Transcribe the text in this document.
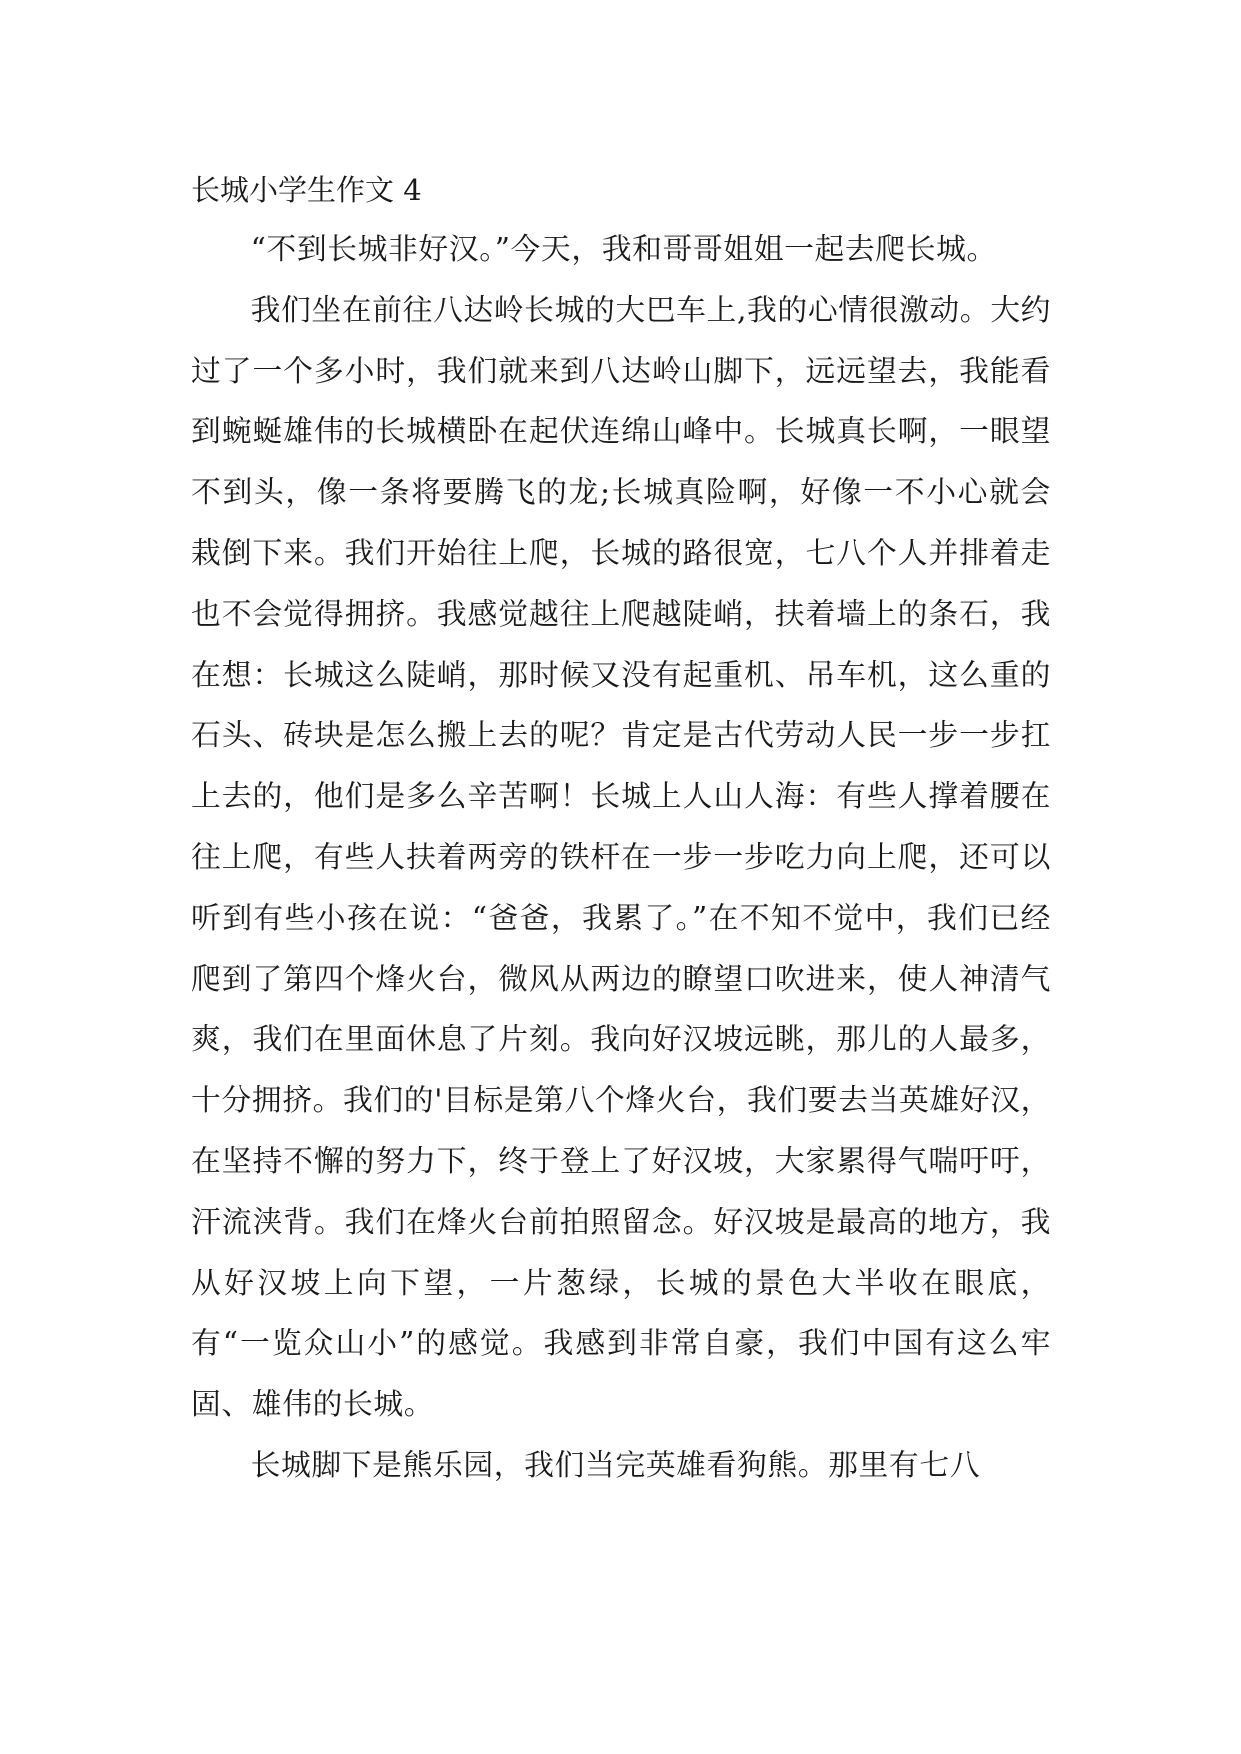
长城小学生作文 4

“不到长城非好汉。”今天，我和哥哥姐姐一起去爬长城。

我们坐在前往八达岭长城的大巴车上,我的心情很激动。大约过了一个多小时，我们就来到八达岭山脚下，远远望去，我能看到蜿蜒雄伟的长城横卧在起伏连绵山峰中。长城真长啊，一眼望不到头，像一条将要腾飞的龙;长城真险啊，好像一不小心就会栽倒下来。我们开始往上爬，长城的路很宽，七八个人并排着走也不会觉得拥挤。我感觉越往上爬越陡峭，扶着墙上的条石，我在想：长城这么陡峭，那时候又没有起重机、吊车机，这么重的石头、砖块是怎么搬上去的呢？肯定是古代劳动人民一步一步扛上去的，他们是多么辛苦啊！长城上人山人海：有些人撑着腰在往上爬，有些人扶着两旁的铁杆在一步一步吃力向上爬，还可以听到有些小孩在说：“爸爸，我累了。”在不知不觉中，我们已经爬到了第四个烽火台，微风从两边的瞭望口吹进来，使人神清气爽，我们在里面休息了片刻。我向好汉坡远眺，那儿的人最多，十分拥挤。我们的'目标是第八个烽火台，我们要去当英雄好汉，在坚持不懈的努力下，终于登上了好汉坡，大家累得气喘吁吁，汗流浃背。我们在烽火台前拍照留念。好汉坡是最高的地方，我从好汉坡上向下望，一片葱绿，长城的景色大半收在眼底，有“一览众山小”的感觉。我感到非常自豪，我们中国有这么牢固、雄伟的长城。

长城脚下是熊乐园，我们当完英雄看狗熊。那里有七八
